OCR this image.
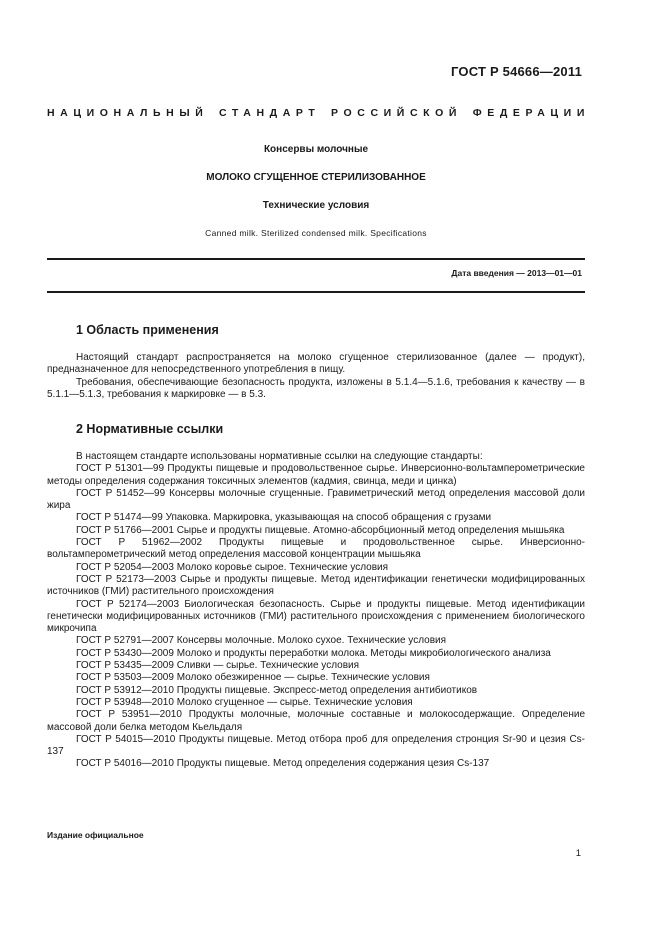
ГОСТ Р 54666—2011
НАЦИОНАЛЬНЫЙ СТАНДАРТ РОССИЙСКОЙ ФЕДЕРАЦИИ
Консервы молочные
МОЛОКО СГУЩЕННОЕ СТЕРИЛИЗОВАННОЕ
Технические условия
Canned milk. Sterilized condensed milk. Specifications
Дата введения — 2013—01—01
1 Область применения

Настоящий стандарт распространяется на молоко сгущенное стерилизованное (далее — продукт), предназначенное для непосредственного употребления в пищу.

Требования, обеспечивающие безопасность продукта, изложены в 5.1.4—5.1.6, требования к качеству — в 5.1.1—5.1.3, требования к маркировке — в 5.3.

2 Нормативные ссылки

В настоящем стандарте использованы нормативные ссылки на следующие стандарты:

ГОСТ Р 51301—99 Продукты пищевые и продовольственное сырье. Инверсионно-вольтамперометрические методы определения содержания токсичных элементов (кадмия, свинца, меди и цинка)

ГОСТ Р 51452—99 Консервы молочные сгущенные. Гравиметрический метод определения массовой доли жира

ГОСТ Р 51474—99 Упаковка. Маркировка, указывающая на способ обращения с грузами

ГОСТ Р 51766—2001 Сырье и продукты пищевые. Атомно-абсорбционный метод определения мышьяка

ГОСТ Р 51962—2002 Продукты пищевые и продовольственное сырье. Инверсионно-вольтамперометрический метод определения массовой концентрации мышьяка

ГОСТ Р 52054—2003 Молоко коровье сырое. Технические условия

ГОСТ Р 52173—2003 Сырье и продукты пищевые. Метод идентификации генетически модифицированных источников (ГМИ) растительного происхождения

ГОСТ Р 52174—2003 Биологическая безопасность. Сырье и продукты пищевые. Метод идентификации генетически модифицированных источников (ГМИ) растительного происхождения с применением биологического микрочипа

ГОСТ Р 52791—2007 Консервы молочные. Молоко сухое. Технические условия

ГОСТ Р 53430—2009 Молоко и продукты переработки молока. Методы микробиологического анализа

ГОСТ Р 53435—2009 Сливки — сырье. Технические условия

ГОСТ Р 53503—2009 Молоко обезжиренное — сырье. Технические условия

ГОСТ Р 53912—2010 Продукты пищевые. Экспресс-метод определения антибиотиков

ГОСТ Р 53948—2010 Молоко сгущенное — сырье. Технические условия

ГОСТ Р 53951—2010 Продукты молочные, молочные составные и молокосодержащие. Определение массовой доли белка методом Кьельдаля

ГОСТ Р 54015—2010 Продукты пищевые. Метод отбора проб для определения стронция Sr-90 и цезия Cs-137

ГОСТ Р 54016—2010 Продукты пищевые. Метод определения содержания цезия Cs-137

Издание официальное
1
